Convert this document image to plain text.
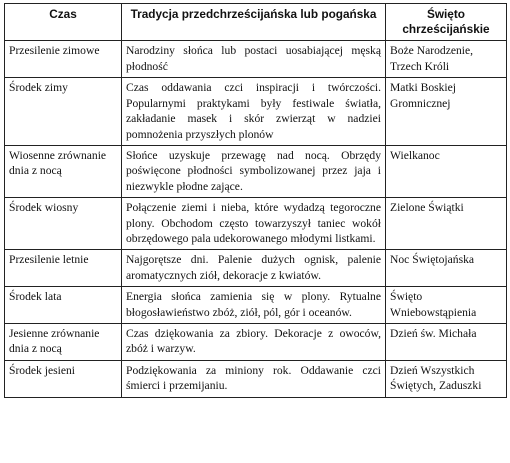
Czas	Tradycja przedchrześcijańska lub pogańska	Święto chrześcijańskie
Przesilenie zimowe	Narodziny słońca lub postaci uosabiającej męską płodność	Boże Narodzenie, Trzech Króli
Środek zimy	Czas oddawania czci inspiracji i twórczości. Popularnymi praktykami były festiwale światła, zakładanie masek i skór zwierząt w nadziei pomnożenia przyszłych plonów	Matki Boskiej Gromnicznej
Wiosenne zrównanie dnia z nocą	Słońce uzyskuje przewagę nad nocą. Obrzędy poświęcone płodności symbolizowanej przez jaja i niezwykle płodne zające.	Wielkanoc
Środek wiosny	Połączenie ziemi i nieba, które wydadzą tegoroczne plony. Obchodom często towarzyszył taniec wokół obrzędowego pala udekorowanego młodymi listkami.	Zielone Świątki
Przesilenie letnie	Najgorętsze dni. Palenie dużych ognisk, palenie aromatycznych ziół, dekoracje z kwiatów.	Noc Świętojańska
Środek lata	Energia słońca zamienia się w plony. Rytualne błogosławieństwo zbóż, ziół, pól, gór i oceanów.	Święto Wniebowstąpienia
Jesienne zrównanie dnia z nocą	Czas dziękowania za zbiory. Dekoracje z owoców, zbóż i warzyw.	Dzień św. Michała
Środek jesieni	Podziękowania za miniony rok. Oddawanie czci śmierci i przemijaniu.	Dzień Wszystkich Świętych, Zaduszki
